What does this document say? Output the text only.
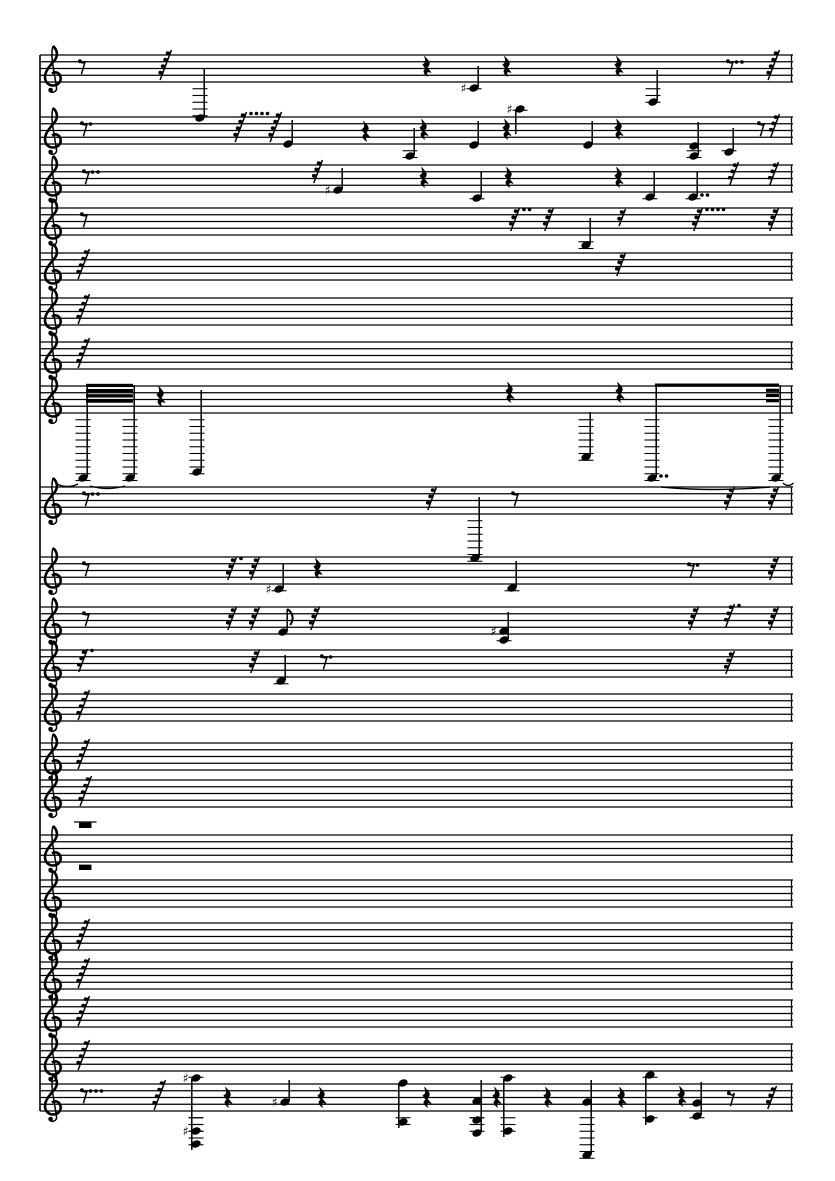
♯
♯
♯
♯
♯
♯
♯
♯
